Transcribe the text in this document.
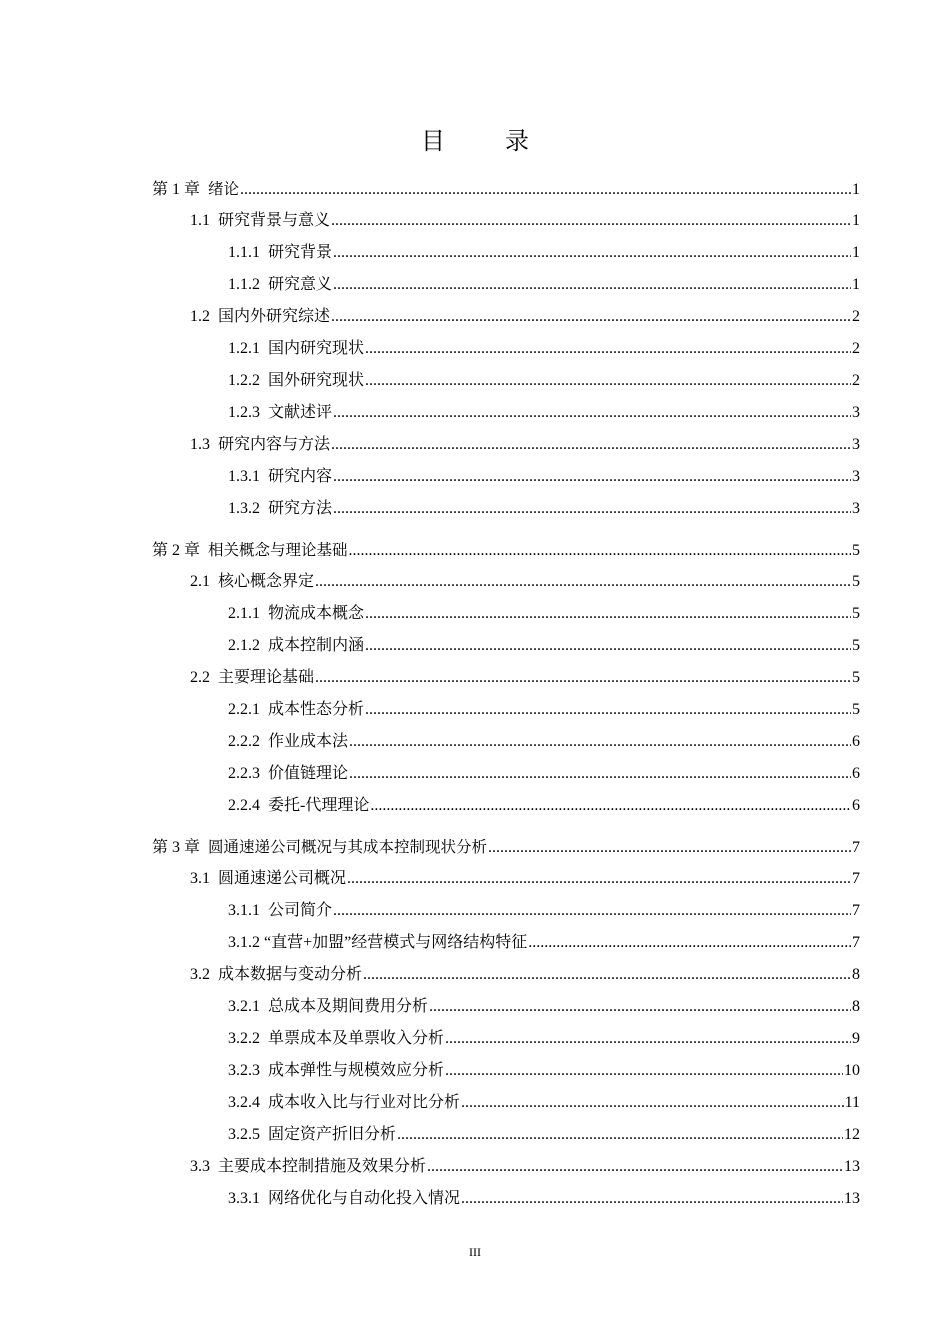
目　录
第 1 章 绪论 .....	1
1.1 研究背景与意义 .....	1
1.1.1 研究背景 .....	1
1.1.2 研究意义 .....	1
1.2 国内外研究综述 .....	2
1.2.1 国内研究现状 .....	2
1.2.2 国外研究现状 .....	2
1.2.3 文献述评 .....	3
1.3 研究内容与方法 .....	3
1.3.1 研究内容 .....	3
1.3.2 研究方法 .....	3
第 2 章 相关概念与理论基础 .....	5
2.1 核心概念界定 .....	5
2.1.1 物流成本概念 .....	5
2.1.2 成本控制内涵 .....	5
2.2 主要理论基础 .....	5
2.2.1 成本性态分析 .....	5
2.2.2 作业成本法 .....	6
2.2.3 价值链理论 .....	6
2.2.4 委托-代理理论 .....	6
第 3 章 圆通速递公司概况与其成本控制现状分析 .....	7
3.1 圆通速递公司概况 .....	7
3.1.1 公司简介 .....	7
3.1.2 “直营+加盟”经营模式与网络结构特征 .....	7
3.2 成本数据与变动分析 .....	8
3.2.1 总成本及期间费用分析 .....	8
3.2.2 单票成本及单票收入分析 .....	9
3.2.3 成本弹性与规模效应分析 .....	10
3.2.4 成本收入比与行业对比分析 .....	11
3.2.5 固定资产折旧分析 .....	12
3.3 主要成本控制措施及效果分析 .....	13
3.3.1 网络优化与自动化投入情况 .....	13
III
